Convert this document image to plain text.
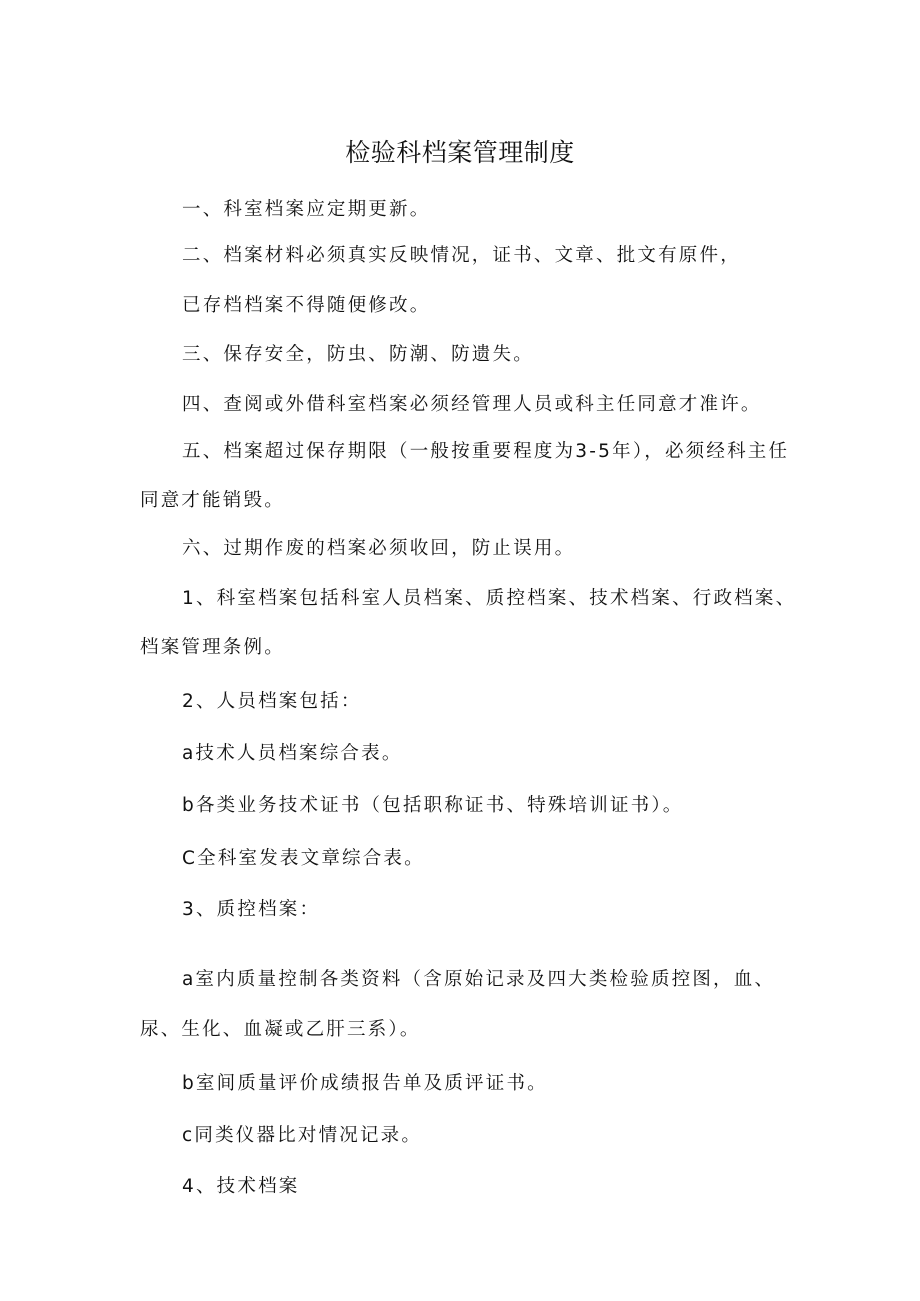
检验科档案管理制度
一、科室档案应定期更新。
二、档案材料必须真实反映情况，证书、文章、批文有原件，
已存档档案不得随便修改。
三、保存安全，防虫、防潮、防遗失。
四、查阅或外借科室档案必须经管理人员或科主任同意才准许。
五、档案超过保存期限（一般按重要程度为3-5年），必须经科主任
同意才能销毁。
六、过期作废的档案必须收回，防止误用。
1、科室档案包括科室人员档案、质控档案、技术档案、行政档案、
档案管理条例。
2、人员档案包括：
a技术人员档案综合表。
b各类业务技术证书（包括职称证书、特殊培训证书）。
C全科室发表文章综合表。
3、质控档案：
a室内质量控制各类资料（含原始记录及四大类检验质控图，血、
尿、生化、血凝或乙肝三系）。
b室间质量评价成绩报告单及质评证书。
c同类仪器比对情况记录。
4、技术档案
